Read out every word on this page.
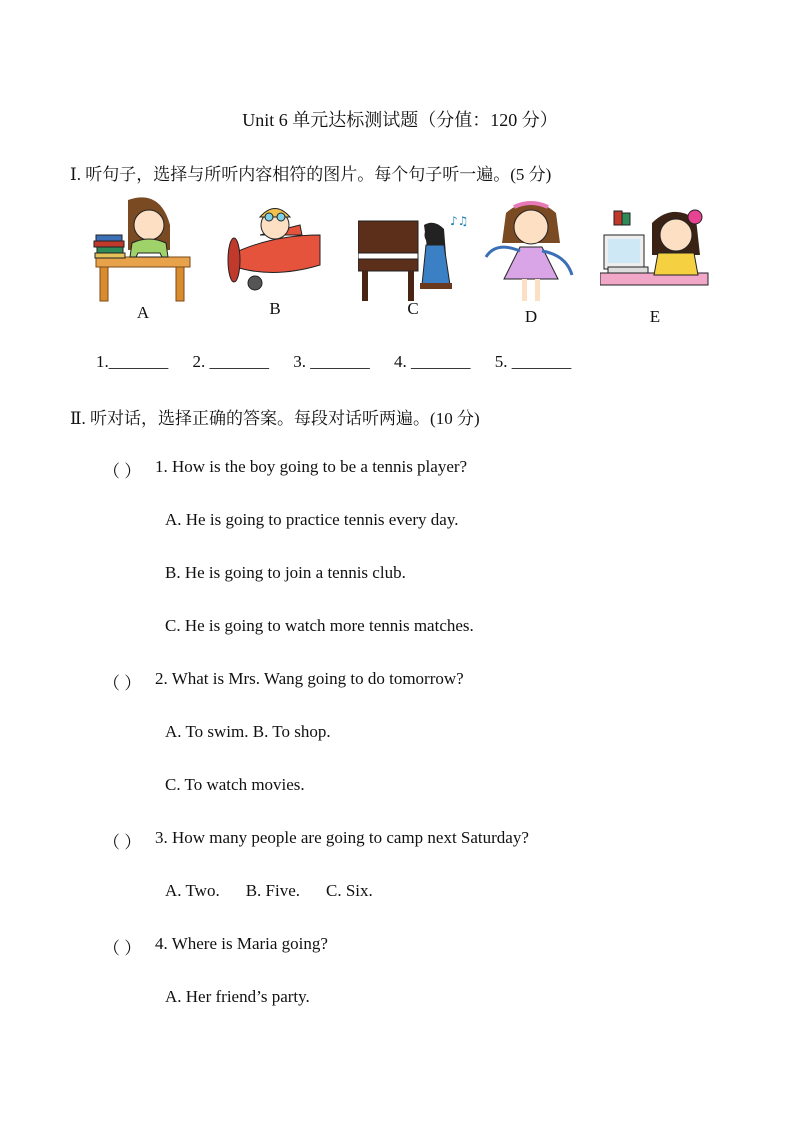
Unit 6 单元达标测试题（分值：120 分）
Ⅰ. 听句子，选择与所听内容相符的图片。每个句子听一遍。(5 分)
A	B
♪♫
C	D	E
1._______ 2. _______ 3. _______ 4. _______ 5. _______
Ⅱ. 听对话，选择正确的答案。每段对话听两遍。(10 分)
（ ） 1. How is the boy going to be a tennis player?
A. He is going to practice tennis every day.
B. He is going to join a tennis club.
C. He is going to watch more tennis matches.
（ ） 2. What is Mrs. Wang going to do tomorrow?
A. To swim. B. To shop.
C. To watch movies.
（ ） 3. How many people are going to camp next Saturday?
A. Two. B. Five. C. Six.
（ ） 4. Where is Maria going?
A. Her friend’s party.
